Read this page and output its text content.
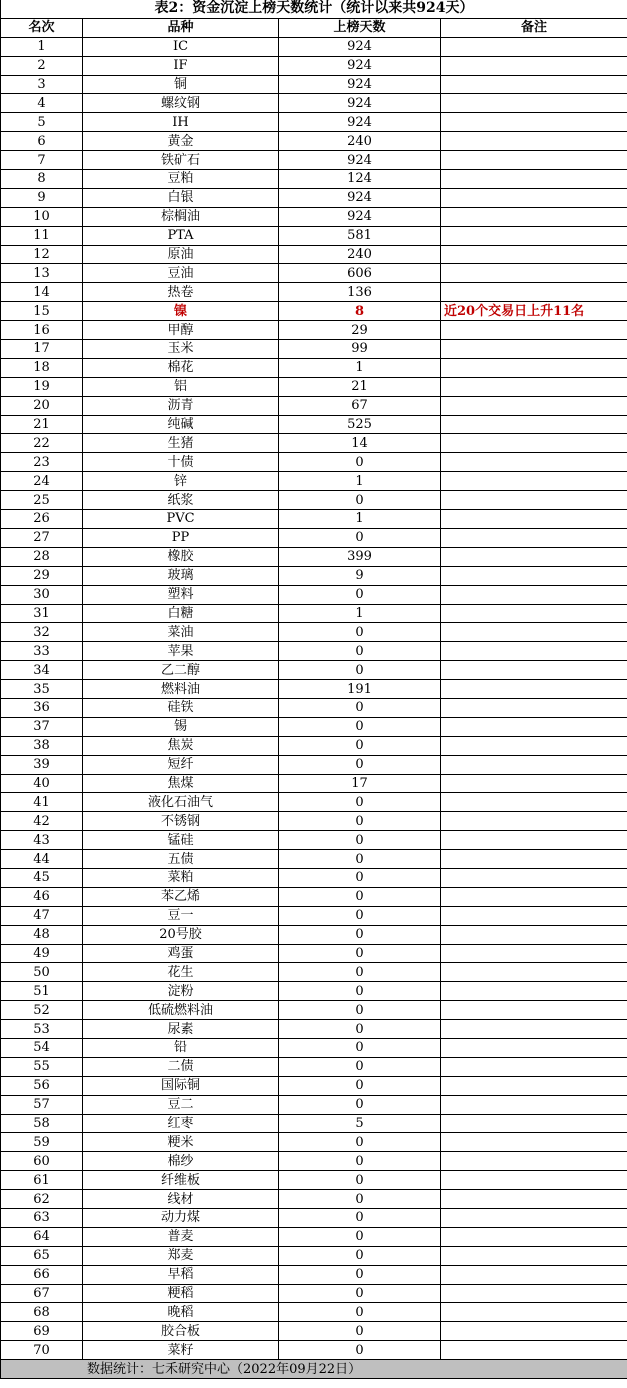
表2：资金沉淀上榜天数统计（统计以来共924天）			
名次	品种	上榜天数	备注
1	IC	924	
2	IF	924	
3	铜	924	
4	螺纹钢	924	
5	IH	924	
6	黄金	240	
7	铁矿石	924	
8	豆粕	124	
9	白银	924	
10	棕榈油	924	
11	PTA	581	
12	原油	240	
13	豆油	606	
14	热卷	136	
15	镍	8	近20个交易日上升11名
16	甲醇	29	
17	玉米	99	
18	棉花	1	
19	铝	21	
20	沥青	67	
21	纯碱	525	
22	生猪	14	
23	十债	0	
24	锌	1	
25	纸浆	0	
26	PVC	1	
27	PP	0	
28	橡胶	399	
29	玻璃	9	
30	塑料	0	
31	白糖	1	
32	菜油	0	
33	苹果	0	
34	乙二醇	0	
35	燃料油	191	
36	硅铁	0	
37	锡	0	
38	焦炭	0	
39	短纤	0	
40	焦煤	17	
41	液化石油气	0	
42	不锈钢	0	
43	锰硅	0	
44	五债	0	
45	菜粕	0	
46	苯乙烯	0	
47	豆一	0	
48	20号胶	0	
49	鸡蛋	0	
50	花生	0	
51	淀粉	0	
52	低硫燃料油	0	
53	尿素	0	
54	铅	0	
55	二债	0	
56	国际铜	0	
57	豆二	0	
58	红枣	5	
59	粳米	0	
60	棉纱	0	
61	纤维板	0	
62	线材	0	
63	动力煤	0	
64	普麦	0	
65	郑麦	0	
66	早稻	0	
67	粳稻	0	
68	晚稻	0	
69	胶合板	0	
70	菜籽	0	
数据统计：七禾研究中心（2022年09月22日）			
